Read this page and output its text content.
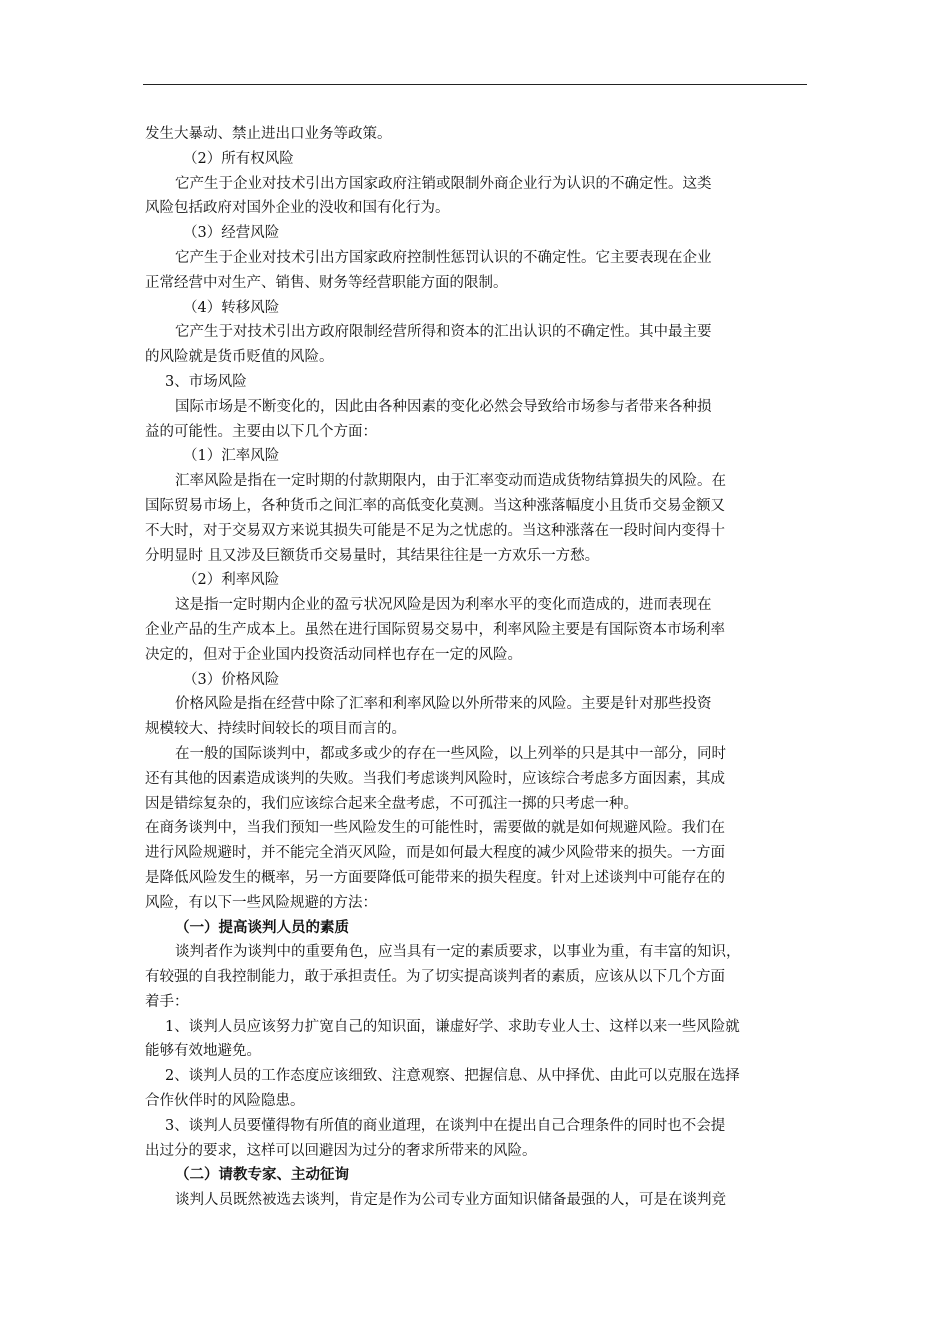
发生大暴动、禁止进出口业务等政策。
（2）所有权风险
它产生于企业对技术引出方国家政府注销或限制外商企业行为认识的不确定性。这类
风险包括政府对国外企业的没收和国有化行为。
（3）经营风险
它产生于企业对技术引出方国家政府控制性惩罚认识的不确定性。它主要表现在企业
正常经营中对生产、销售、财务等经营职能方面的限制。
（4）转移风险
它产生于对技术引出方政府限制经营所得和资本的汇出认识的不确定性。其中最主要
的风险就是货币贬值的风险。
3、市场风险
国际市场是不断变化的，因此由各种因素的变化必然会导致给市场参与者带来各种损
益的可能性。主要由以下几个方面：
（1）汇率风险
汇率风险是指在一定时期的付款期限内，由于汇率变动而造成货物结算损失的风险。在
国际贸易市场上，各种货币之间汇率的高低变化莫测。当这种涨落幅度小且货币交易金额又
不大时，对于交易双方来说其损失可能是不足为之忧虑的。当这种涨落在一段时间内变得十
分明显时 且又涉及巨额货币交易量时，其结果往往是一方欢乐一方愁。
（2）利率风险
这是指一定时期内企业的盈亏状况风险是因为利率水平的变化而造成的，进而表现在
企业产品的生产成本上。虽然在进行国际贸易交易中，利率风险主要是有国际资本市场利率
决定的，但对于企业国内投资活动同样也存在一定的风险。
（3）价格风险
价格风险是指在经营中除了汇率和利率风险以外所带来的风险。主要是针对那些投资
规模较大、持续时间较长的项目而言的。
在一般的国际谈判中，都或多或少的存在一些风险，以上列举的只是其中一部分，同时
还有其他的因素造成谈判的失败。当我们考虑谈判风险时，应该综合考虑多方面因素，其成
因是错综复杂的，我们应该综合起来全盘考虑，不可孤注一掷的只考虑一种。
在商务谈判中，当我们预知一些风险发生的可能性时，需要做的就是如何规避风险。我们在
进行风险规避时，并不能完全消灭风险，而是如何最大程度的减少风险带来的损失。一方面
是降低风险发生的概率，另一方面要降低可能带来的损失程度。针对上述谈判中可能存在的
风险，有以下一些风险规避的方法：
（一）提高谈判人员的素质
谈判者作为谈判中的重要角色，应当具有一定的素质要求，以事业为重，有丰富的知识，
有较强的自我控制能力，敢于承担责任。为了切实提高谈判者的素质，应该从以下几个方面
着手：
1、谈判人员应该努力扩宽自己的知识面，谦虚好学、求助专业人士、这样以来一些风险就
能够有效地避免。
2、谈判人员的工作态度应该细致、注意观察、把握信息、从中择优、由此可以克服在选择
合作伙伴时的风险隐患。
3、谈判人员要懂得物有所值的商业道理，在谈判中在提出自己合理条件的同时也不会提
出过分的要求，这样可以回避因为过分的奢求所带来的风险。
（二）请教专家、主动征询
谈判人员既然被选去谈判，肯定是作为公司专业方面知识储备最强的人，可是在谈判竞
